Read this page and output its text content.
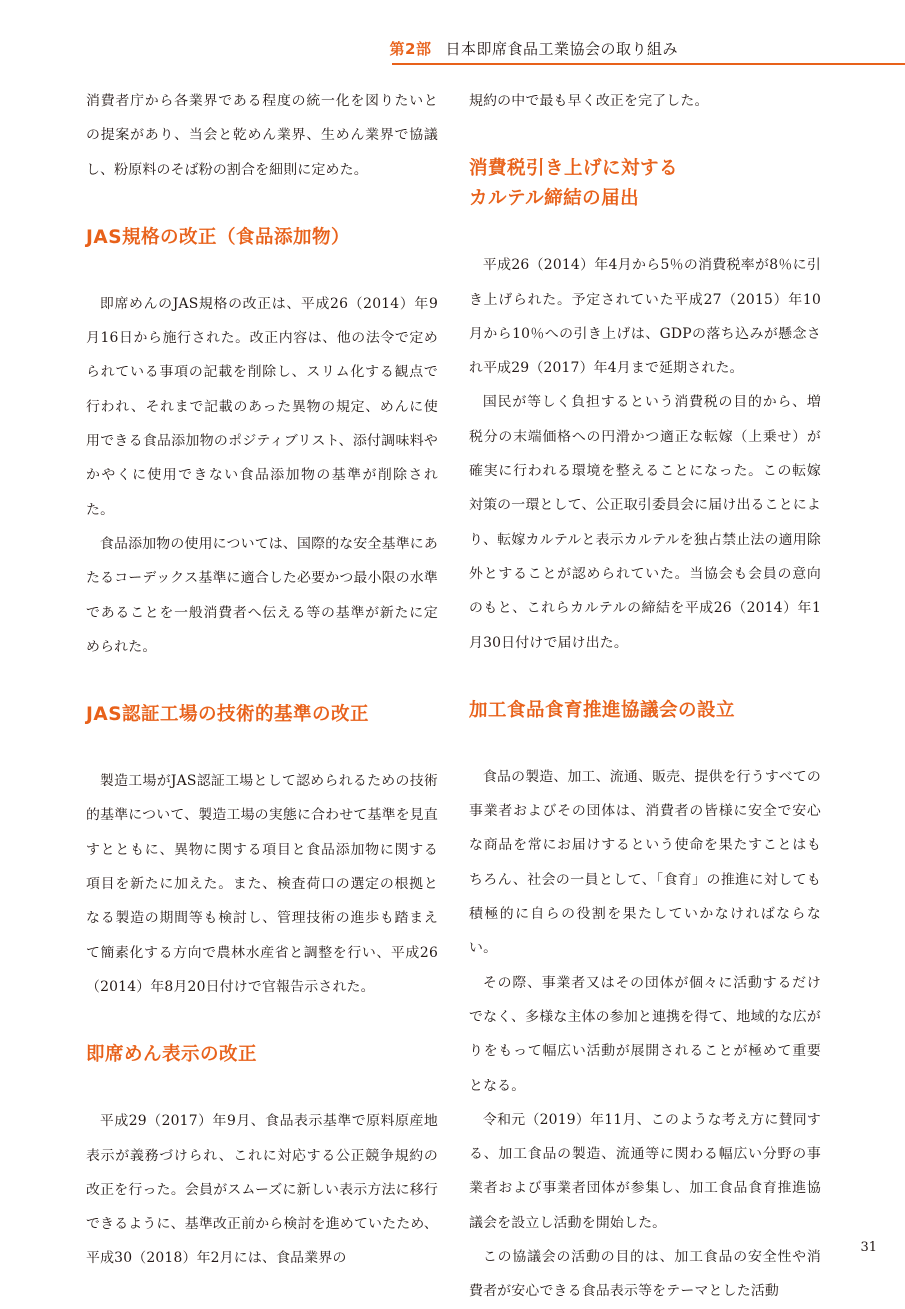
第2部 日本即席食品工業協会の取り組み

消費者庁から各業界である程度の統一化を図りたいとの提案があり、当会と乾めん業界、生めん業界で協議し、粉原料のそば粉の割合を細則に定めた。

JAS規格の改正（食品添加物）

即席めんのJAS規格の改正は、平成26（2014）年9月16日から施行された。改正内容は、他の法令で定められている事項の記載を削除し、スリム化する観点で行われ、それまで記載のあった異物の規定、めんに使用できる食品添加物のポジティブリスト、添付調味料やかやくに使用できない食品添加物の基準が削除された。

食品添加物の使用については、国際的な安全基準にあたるコーデックス基準に適合した必要かつ最小限の水準であることを一般消費者へ伝える等の基準が新たに定められた。

JAS認証工場の技術的基準の改正

製造工場がJAS認証工場として認められるための技術的基準について、製造工場の実態に合わせて基準を見直すとともに、異物に関する項目と食品添加物に関する項目を新たに加えた。また、検査荷口の選定の根拠となる製造の期間等も検討し、管理技術の進歩も踏まえて簡素化する方向で農林水産省と調整を行い、平成26（2014）年8月20日付けで官報告示された。

即席めん表示の改正

平成29（2017）年9月、食品表示基準で原料原産地表示が義務づけられ、これに対応する公正競争規約の改正を行った。会員がスムーズに新しい表示方法に移行できるように、基準改正前から検討を進めていたため、平成30（2018）年2月には、食品業界の

規約の中で最も早く改正を完了した。

消費税引き上げに対する
カルテル締結の届出

平成26（2014）年4月から5％の消費税率が8％に引き上げられた。予定されていた平成27（2015）年10月から10％への引き上げは、GDPの落ち込みが懸念され平成29（2017）年4月まで延期された。

国民が等しく負担するという消費税の目的から、増税分の末端価格への円滑かつ適正な転嫁（上乗せ）が確実に行われる環境を整えることになった。この転嫁対策の一環として、公正取引委員会に届け出ることにより、転嫁カルテルと表示カルテルを独占禁止法の適用除外とすることが認められていた。当協会も会員の意向のもと、これらカルテルの締結を平成26（2014）年1月30日付けで届け出た。

加工食品食育推進協議会の設立

食品の製造、加工、流通、販売、提供を行うすべての事業者およびその団体は、消費者の皆様に安全で安心な商品を常にお届けするという使命を果たすことはもちろん、社会の一員として、「食育」の推進に対しても積極的に自らの役割を果たしていかなければならない。

その際、事業者又はその団体が個々に活動するだけでなく、多様な主体の参加と連携を得て、地域的な広がりをもって幅広い活動が展開されることが極めて重要となる。

令和元（2019）年11月、このような考え方に賛同する、加工食品の製造、流通等に関わる幅広い分野の事業者および事業者団体が参集し、加工食品食育推進協議会を設立し活動を開始した。

この協議会の活動の目的は、加工食品の安全性や消費者が安心できる食品表示等をテーマとした活動

31
